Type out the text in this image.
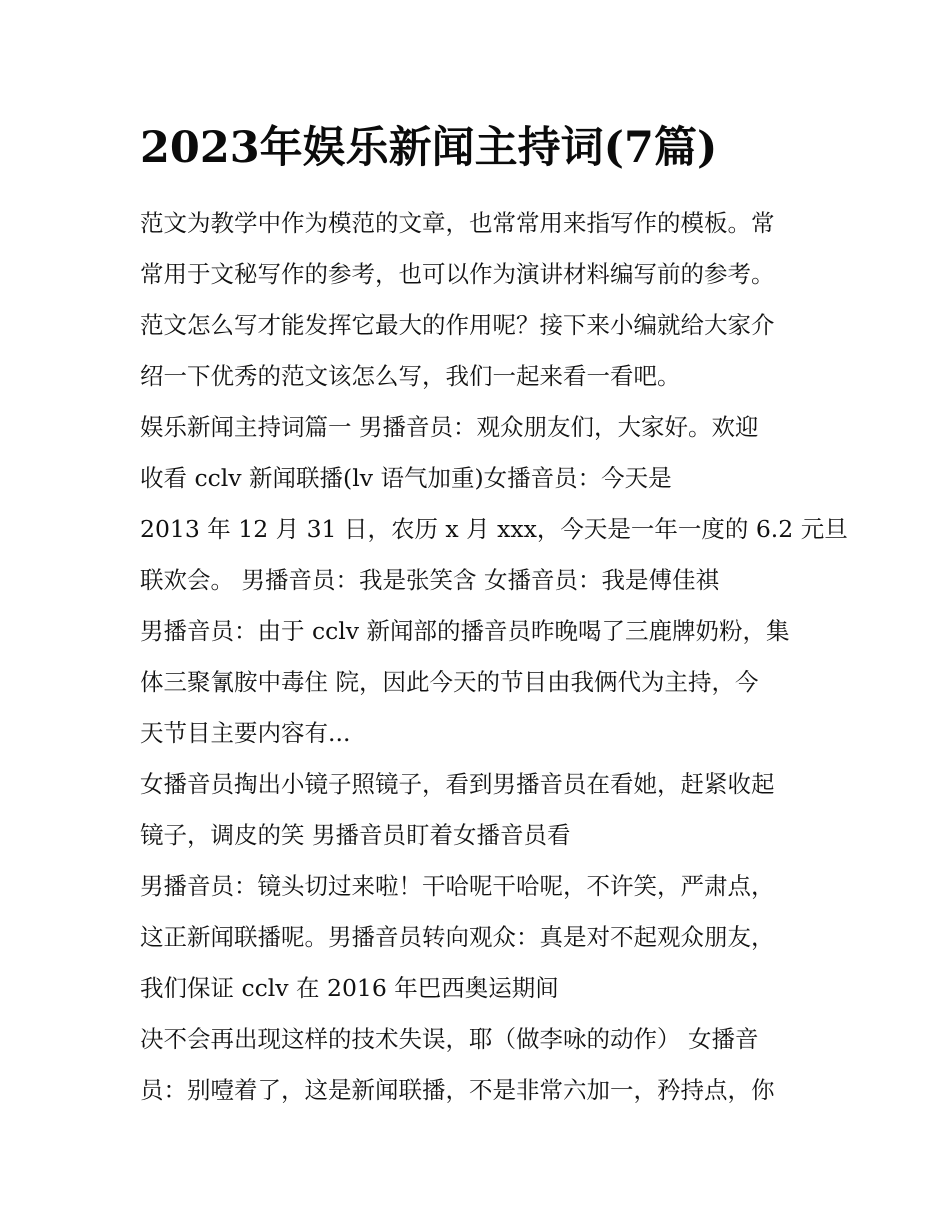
2023年娱乐新闻主持词(7篇)
范文为教学中作为模范的文章，也常常用来指写作的模板。常
常用于文秘写作的参考，也可以作为演讲材料编写前的参考。
范文怎么写才能发挥它最大的作用呢？接下来小编就给大家介
绍一下优秀的范文该怎么写，我们一起来看一看吧。
娱乐新闻主持词篇一 男播音员：观众朋友们，大家好。欢迎
收看 cclv 新闻联播(lv 语气加重)女播音员：今天是
2013 年 12 月 31 日，农历 x 月 xxx，今天是一年一度的 6.2 元旦
联欢会。 男播音员：我是张笑含 女播音员：我是傅佳祺
男播音员：由于 cclv 新闻部的播音员昨晚喝了三鹿牌奶粉，集
体三聚氰胺中毒住 院，因此今天的节目由我俩代为主持，今
天节目主要内容有...
女播音员掏出小镜子照镜子，看到男播音员在看她，赶紧收起
镜子，调皮的笑 男播音员盯着女播音员看
男播音员：镜头切过来啦！干哈呢干哈呢，不许笑，严肃点，
这正新闻联播呢。男播音员转向观众：真是对不起观众朋友，
我们保证 cclv 在 2016 年巴西奥运期间
决不会再出现这样的技术失误，耶（做李咏的动作） 女播音
员：别噎着了，这是新闻联播，不是非常六加一，矜持点，你
